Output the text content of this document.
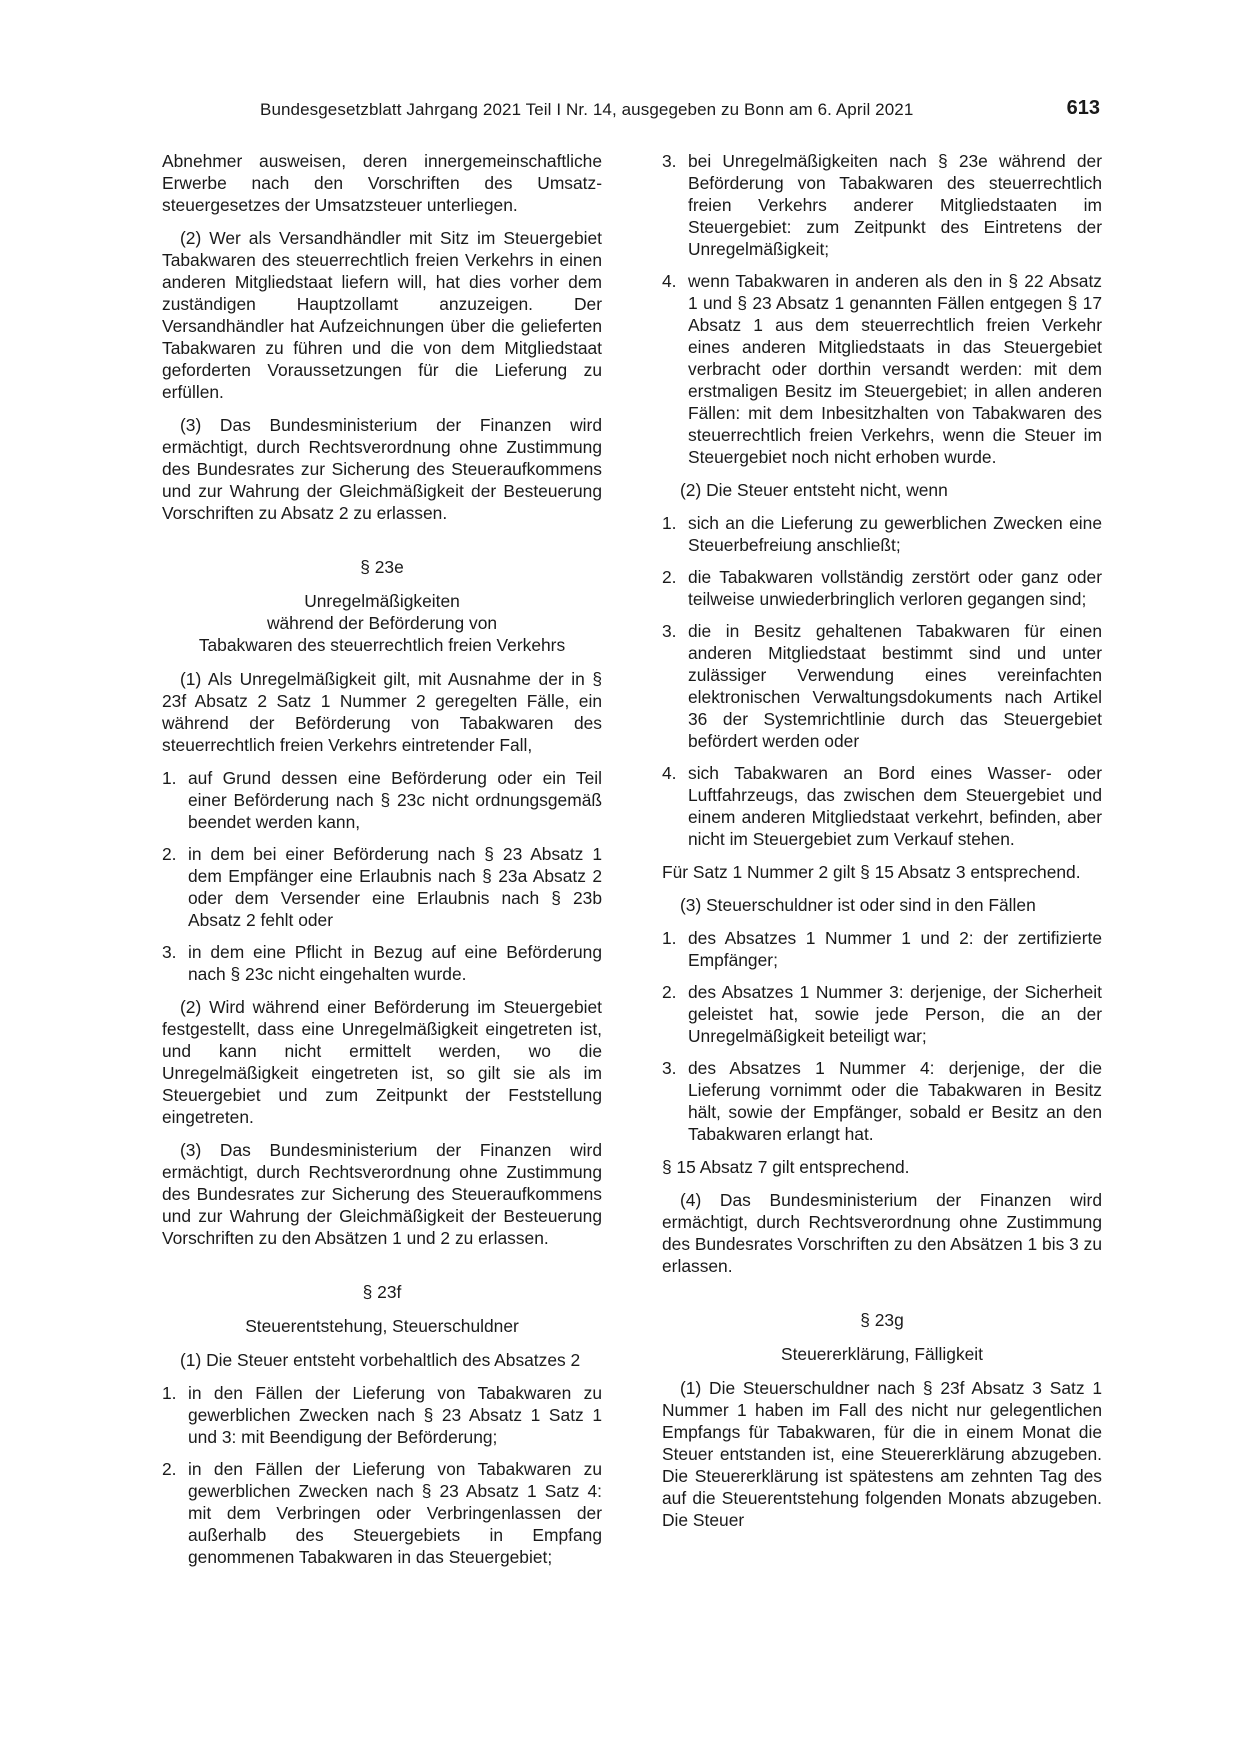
Bundesgesetzblatt Jahrgang 2021 Teil I Nr. 14, ausgegeben zu Bonn am 6. April 2021	613

Abnehmer ausweisen, deren innergemeinschaftliche Erwerbe nach den Vorschriften des Umsatzsteuergesetzes der Umsatzsteuer unterliegen.

(2) Wer als Versandhändler mit Sitz im Steuergebiet Tabakwaren des steuerrechtlich freien Verkehrs in einen anderen Mitgliedstaat liefern will, hat dies vorher dem zuständigen Hauptzollamt anzuzeigen. Der Versandhändler hat Aufzeichnungen über die gelieferten Tabakwaren zu führen und die von dem Mitgliedstaat geforderten Voraussetzungen für die Lieferung zu erfüllen.

(3) Das Bundesministerium der Finanzen wird ermächtigt, durch Rechtsverordnung ohne Zustimmung des Bundesrates zur Sicherung des Steueraufkommens und zur Wahrung der Gleichmäßigkeit der Besteuerung Vorschriften zu Absatz 2 zu erlassen.

§ 23e
Unregelmäßigkeiten
während der Beförderung von
Tabakwaren des steuerrechtlich freien Verkehrs

(1) Als Unregelmäßigkeit gilt, mit Ausnahme der in § 23f Absatz 2 Satz 1 Nummer 2 geregelten Fälle, ein während der Beförderung von Tabakwaren des steuerrechtlich freien Verkehrs eintretender Fall,

1. auf Grund dessen eine Beförderung oder ein Teil einer Beförderung nach § 23c nicht ordnungsgemäß beendet werden kann,
2. in dem bei einer Beförderung nach § 23 Absatz 1 dem Empfänger eine Erlaubnis nach § 23a Absatz 2 oder dem Versender eine Erlaubnis nach § 23b Absatz 2 fehlt oder
3. in dem eine Pflicht in Bezug auf eine Beförderung nach § 23c nicht eingehalten wurde.

(2) Wird während einer Beförderung im Steuergebiet festgestellt, dass eine Unregelmäßigkeit eingetreten ist, und kann nicht ermittelt werden, wo die Unregelmäßigkeit eingetreten ist, so gilt sie als im Steuergebiet und zum Zeitpunkt der Feststellung eingetreten.

(3) Das Bundesministerium der Finanzen wird ermächtigt, durch Rechtsverordnung ohne Zustimmung des Bundesrates zur Sicherung des Steueraufkommens und zur Wahrung der Gleichmäßigkeit der Besteuerung Vorschriften zu den Absätzen 1 und 2 zu erlassen.

§ 23f
Steuerentstehung, Steuerschuldner

(1) Die Steuer entsteht vorbehaltlich des Absatzes 2

1. in den Fällen der Lieferung von Tabakwaren zu gewerblichen Zwecken nach § 23 Absatz 1 Satz 1 und 3: mit Beendigung der Beförderung;
2. in den Fällen der Lieferung von Tabakwaren zu gewerblichen Zwecken nach § 23 Absatz 1 Satz 4: mit dem Verbringen oder Verbringenlassen der außerhalb des Steuergebiets in Empfang genommenen Tabakwaren in das Steuergebiet;
3. bei Unregelmäßigkeiten nach § 23e während der Beförderung von Tabakwaren des steuerrechtlich freien Verkehrs anderer Mitgliedstaaten im Steuergebiet: zum Zeitpunkt des Eintretens der Unregelmäßigkeit;
4. wenn Tabakwaren in anderen als den in § 22 Absatz 1 und § 23 Absatz 1 genannten Fällen entgegen § 17 Absatz 1 aus dem steuerrechtlich freien Verkehr eines anderen Mitgliedstaats in das Steuergebiet verbracht oder dorthin versandt werden: mit dem erstmaligen Besitz im Steuergebiet; in allen anderen Fällen: mit dem Inbesitzhalten von Tabakwaren des steuerrechtlich freien Verkehrs, wenn die Steuer im Steuergebiet noch nicht erhoben wurde.

(2) Die Steuer entsteht nicht, wenn

1. sich an die Lieferung zu gewerblichen Zwecken eine Steuerbefreiung anschließt;
2. die Tabakwaren vollständig zerstört oder ganz oder teilweise unwiederbringlich verloren gegangen sind;
3. die in Besitz gehaltenen Tabakwaren für einen anderen Mitgliedstaat bestimmt sind und unter zulässiger Verwendung eines vereinfachten elektronischen Verwaltungsdokuments nach Artikel 36 der Systemrichtlinie durch das Steuergebiet befördert werden oder
4. sich Tabakwaren an Bord eines Wasser- oder Luftfahrzeugs, das zwischen dem Steuergebiet und einem anderen Mitgliedstaat verkehrt, befinden, aber nicht im Steuergebiet zum Verkauf stehen.

Für Satz 1 Nummer 2 gilt § 15 Absatz 3 entsprechend.

(3) Steuerschuldner ist oder sind in den Fällen

1. des Absatzes 1 Nummer 1 und 2: der zertifizierte Empfänger;
2. des Absatzes 1 Nummer 3: derjenige, der Sicherheit geleistet hat, sowie jede Person, die an der Unregelmäßigkeit beteiligt war;
3. des Absatzes 1 Nummer 4: derjenige, der die Lieferung vornimmt oder die Tabakwaren in Besitz hält, sowie der Empfänger, sobald er Besitz an den Tabakwaren erlangt hat.

§ 15 Absatz 7 gilt entsprechend.

(4) Das Bundesministerium der Finanzen wird ermächtigt, durch Rechtsverordnung ohne Zustimmung des Bundesrates Vorschriften zu den Absätzen 1 bis 3 zu erlassen.

§ 23g
Steuererklärung, Fälligkeit

(1) Die Steuerschuldner nach § 23f Absatz 3 Satz 1 Nummer 1 haben im Fall des nicht nur gelegentlichen Empfangs für Tabakwaren, für die in einem Monat die Steuer entstanden ist, eine Steuererklärung abzugeben. Die Steuererklärung ist spätestens am zehnten Tag des auf die Steuerentstehung folgenden Monats abzugeben. Die Steuer
